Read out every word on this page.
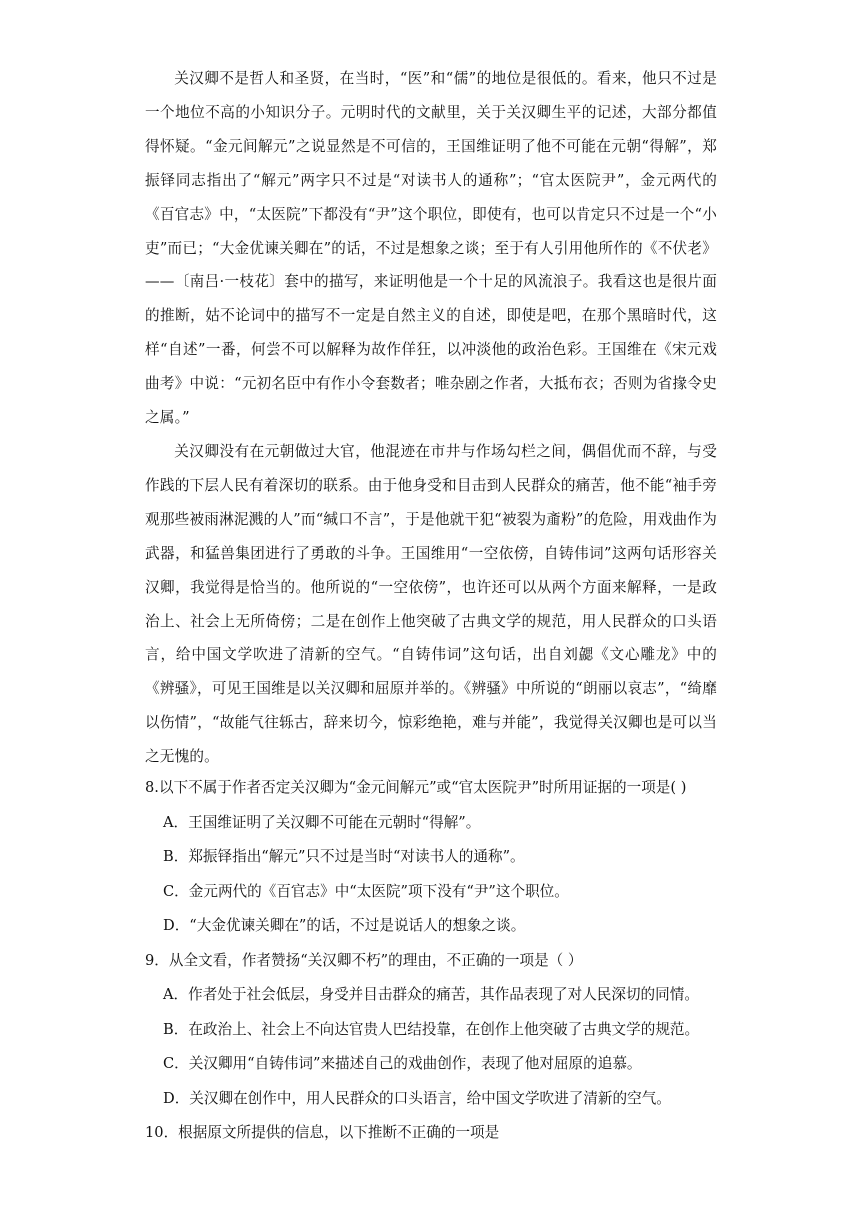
关汉卿不是哲人和圣贤，在当时，“医”和“儒”的地位是很低的。看来，他只不过是一个地位不高的小知识分子。元明时代的文献里，关于关汉卿生平的记述，大部分都值得怀疑。“金元间解元”之说显然是不可信的，王国维证明了他不可能在元朝“得解”，郑振铎同志指出了“解元”两字只不过是“对读书人的通称”；“官太医院尹”，金元两代的《百官志》中，“太医院”下都没有“尹”这个职位，即使有，也可以肯定只不过是一个“小吏”而已；“大金优谏关卿在”的话，不过是想象之谈；至于有人引用他所作的《不伏老》——〔南吕·一枝花〕套中的描写，来证明他是一个十足的风流浪子。我看这也是很片面的推断，姑不论词中的描写不一定是自然主义的自述，即使是吧，在那个黑暗时代，这样“自述”一番，何尝不可以解释为故作佯狂，以冲淡他的政治色彩。王国维在《宋元戏曲考》中说：“元初名臣中有作小令套数者；唯杂剧之作者，大抵布衣；否则为省掾令史之属。”

关汉卿没有在元朝做过大官，他混迹在市井与作场勾栏之间，偶倡优而不辞，与受作践的下层人民有着深切的联系。由于他身受和目击到人民群众的痛苦，他不能“袖手旁观那些被雨淋泥溅的人”而“缄口不言”，于是他就干犯“被裂为齑粉”的危险，用戏曲作为武器，和猛兽集团进行了勇敢的斗争。王国维用“一空依傍，自铸伟词”这两句话形容关汉卿，我觉得是恰当的。他所说的“一空依傍”，也许还可以从两个方面来解释，一是政治上、社会上无所倚傍；二是在创作上他突破了古典文学的规范，用人民群众的口头语言，给中国文学吹进了清新的空气。“自铸伟词”这句话，出自刘勰《文心雕龙》中的《辨骚》，可见王国维是以关汉卿和屈原并举的。《辨骚》中所说的“朗丽以哀志”，“绮靡以伤情”，“故能气往轹古，辞来切今，惊彩绝艳，难与并能”，我觉得关汉卿也是可以当之无愧的。

8.以下不属于作者否定关汉卿为“金元间解元”或“官太医院尹”时所用证据的一项是( )

A．王国维证明了关汉卿不可能在元朝时“得解”。

B．郑振铎指出“解元”只不过是当时“对读书人的通称”。

C．金元两代的《百官志》中“太医院”项下没有“尹”这个职位。

D．“大金优谏关卿在”的话，不过是说话人的想象之谈。

9．从全文看，作者赞扬“关汉卿不朽”的理由，不正确的一项是（ ）

A．作者处于社会低层，身受并目击群众的痛苦，其作品表现了对人民深切的同情。

B．在政治上、社会上不向达官贵人巴结投靠，在创作上他突破了古典文学的规范。

C．关汉卿用“自铸伟词”来描述自己的戏曲创作，表现了他对屈原的追慕。

D．关汉卿在创作中，用人民群众的口头语言，给中国文学吹进了清新的空气。

10．根据原文所提供的信息，以下推断不正确的一项是
